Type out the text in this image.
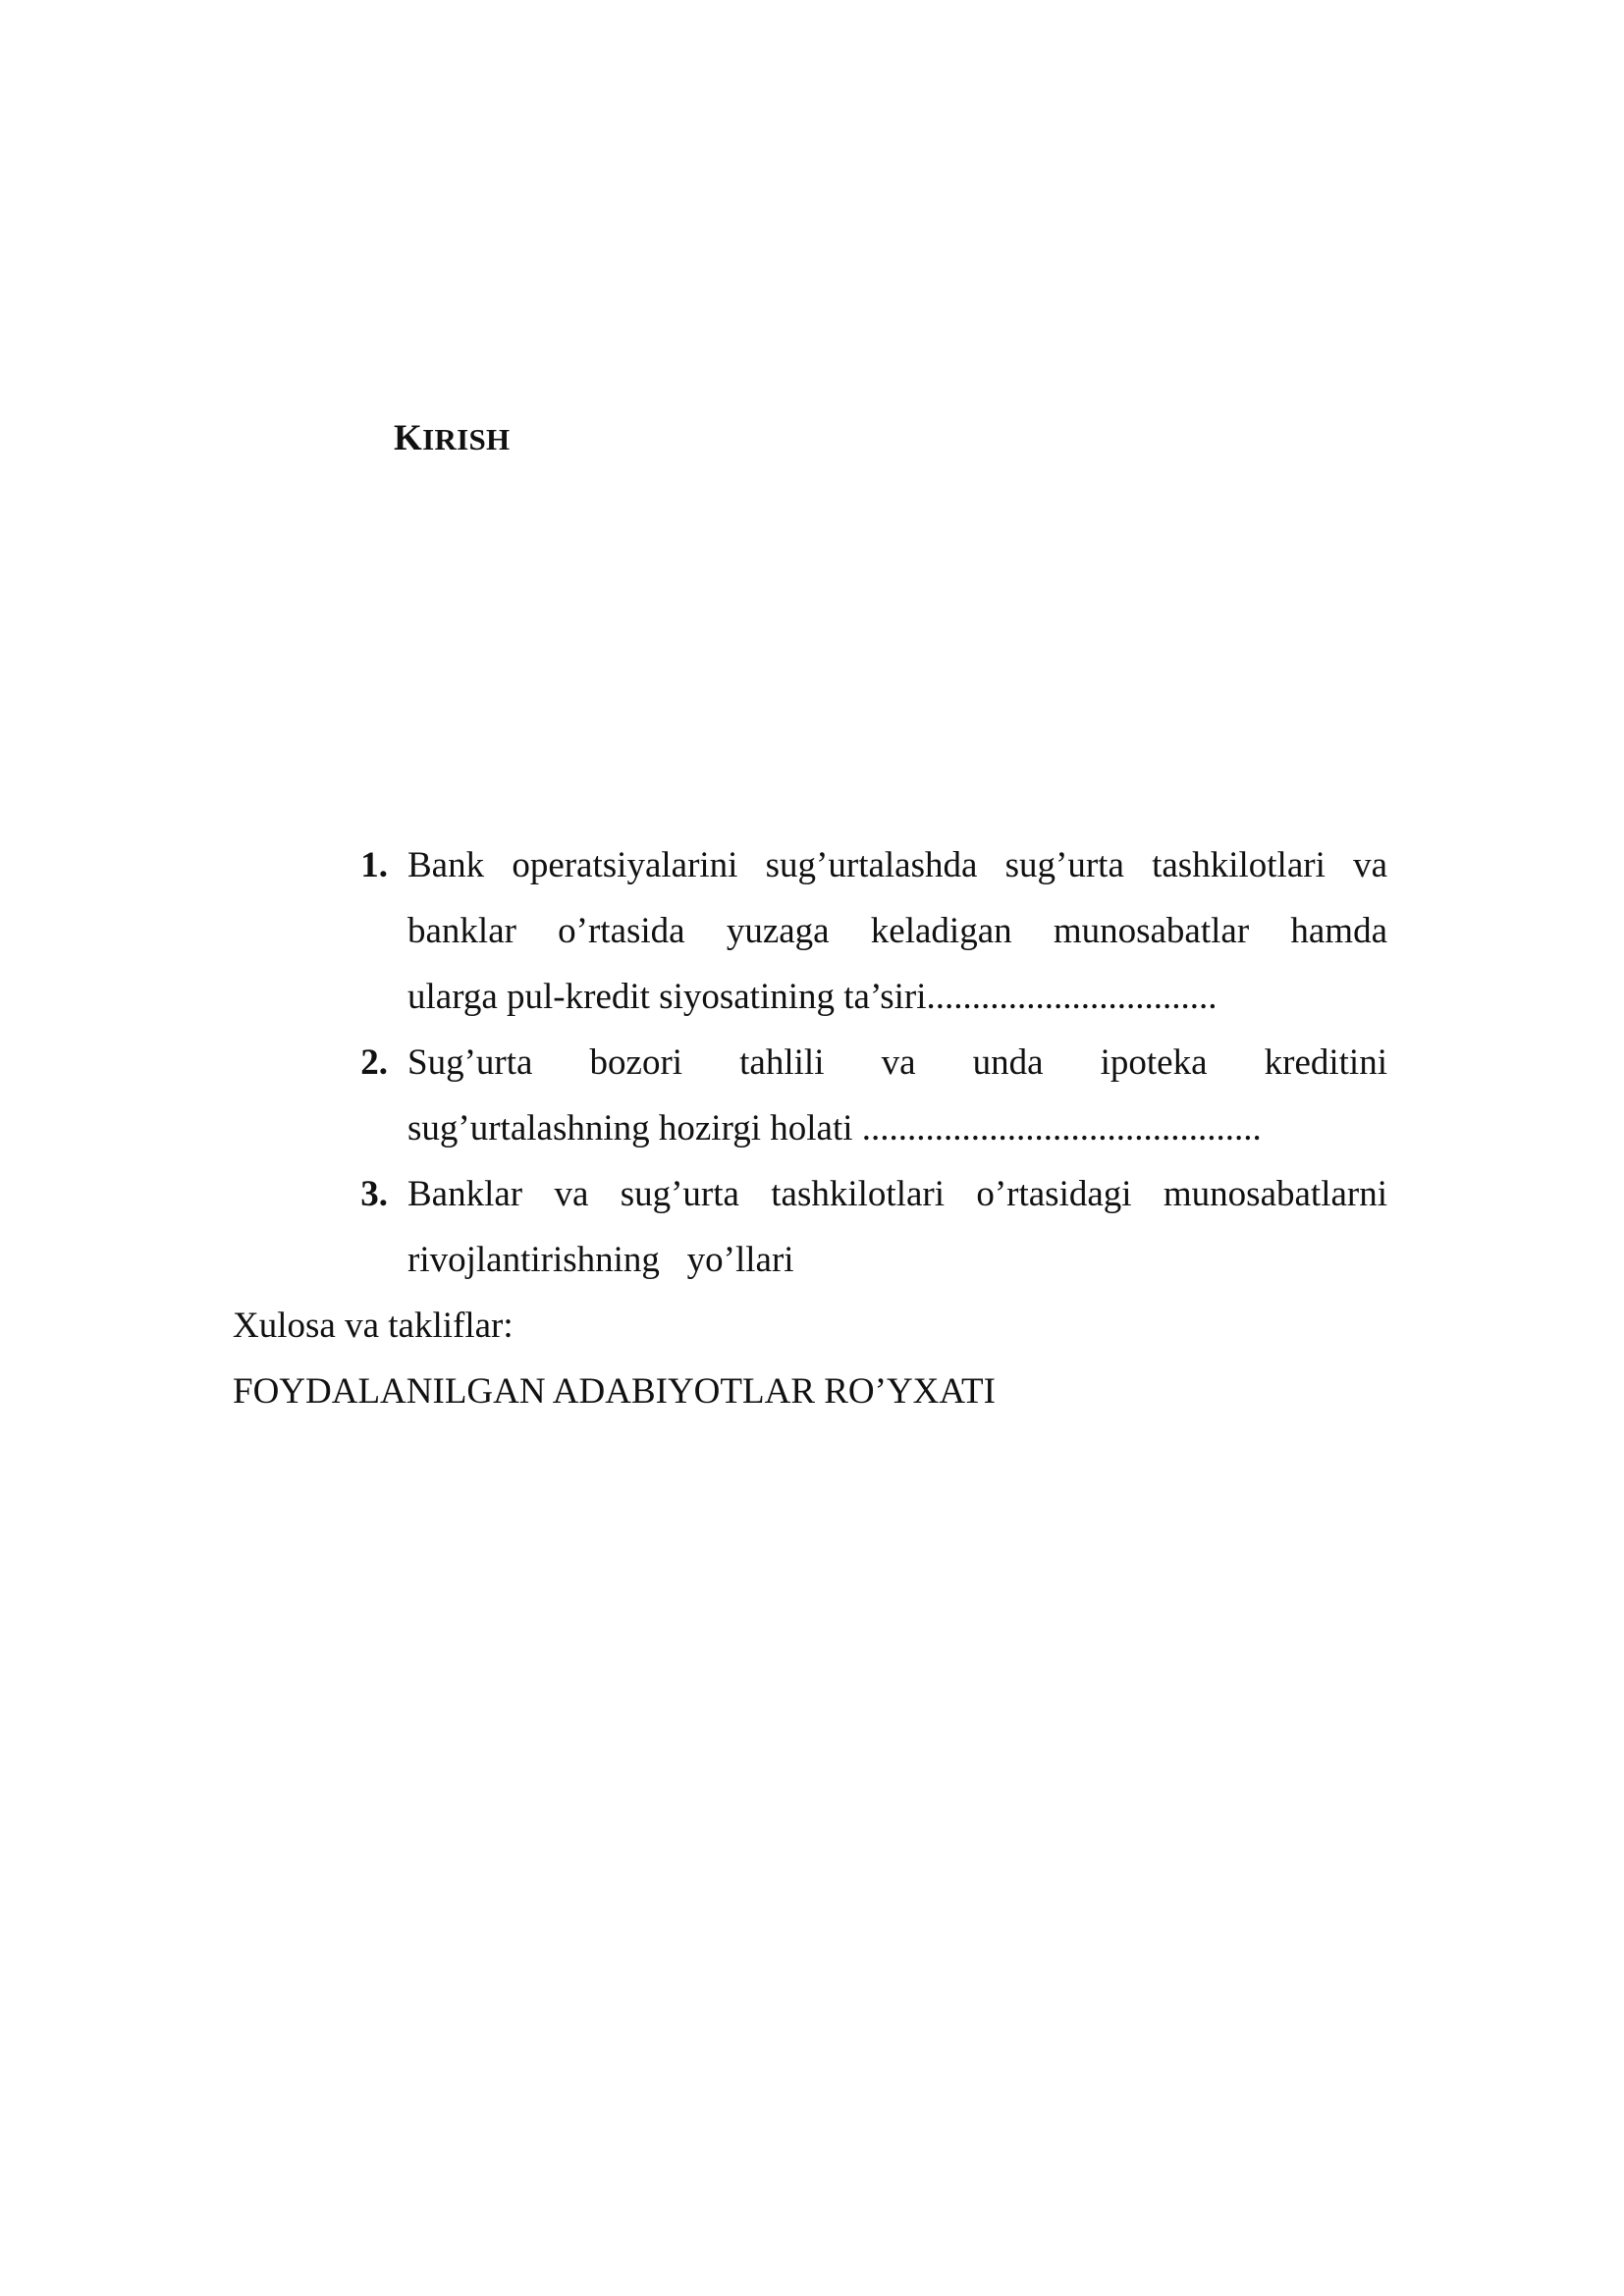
KIRISH
1. Bank operatsiyalarini sug’urtalashda sug’urta tashkilotlari va
banklar o’rtasida yuzaga keladigan munosabatlar hamda
ularga pul-kredit siyosatining ta’siri................................
2. Sug’urta bozori tahlili va unda ipoteka kreditini
sug’urtalashning hozirgi holati ............................................
3. Banklar va sug’urta tashkilotlari o’rtasidagi munosabatlarni
rivojlantirishning   yo’llari
Xulosa va takliflar:
FOYDALANILGAN ADABIYOTLAR RO’YXATI
